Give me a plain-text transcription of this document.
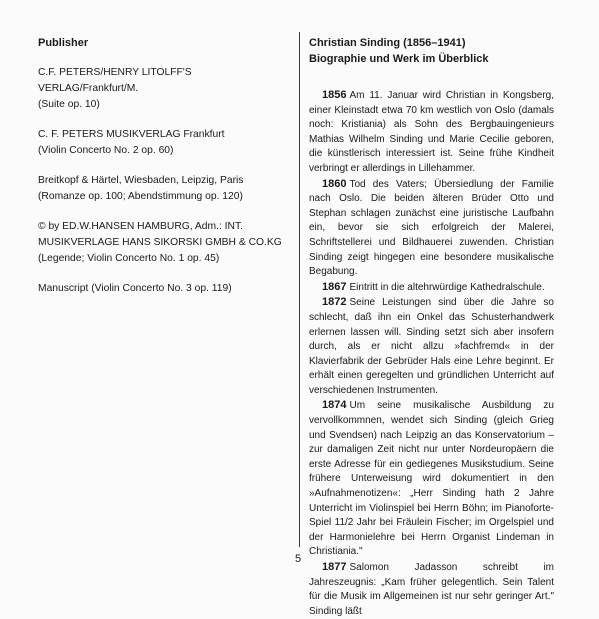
Publisher

C.F. PETERS/HENRY LITOLFF'S VERLAG/Frankfurt/M.

(Suite op. 10)

C. F. PETERS MUSIKVERLAG Frankfurt

(Violin Concerto No. 2 op. 60)

Breitkopf & Härtel, Wiesbaden, Leipzig, Paris

(Romanze op. 100; Abendstimmung op. 120)

© by ED.W.HANSEN HAMBURG, Adm.: INT.

MUSIKVERLAGE HANS SIKORSKI GMBH & CO.KG

(Legende; Violin Concerto No. 1 op. 45)

Manuscript (Violin Concerto No. 3 op. 119)

Christian Sinding (1856–1941)
Biographie und Werk im Überblick

1856 Am 11. Januar wird Christian in Kongsberg, einer Kleinstadt etwa 70 km westlich von Oslo (damals noch: Kristiania) als Sohn des Bergbauingenieurs Mathias Wilhelm Sinding und Marie Cecilie geboren, die künstlerisch interessiert ist. Seine frühe Kindheit verbringt er allerdings in Lillehammer.

1860 Tod des Vaters; Übersiedlung der Familie nach Oslo. Die beiden älteren Brüder Otto und Stephan schlagen zunächst eine juristische Laufbahn ein, bevor sie sich erfolgreich der Malerei, Schriftstellerei und Bildhauerei zuwenden. Christian Sinding zeigt hingegen eine besondere musikalische Begabung.

1867 Eintritt in die altehrwürdige Kathedralschule.

1872 Seine Leistungen sind über die Jahre so schlecht, daß ihn ein Onkel das Schusterhandwerk erlernen lassen will. Sinding setzt sich aber insofern durch, als er nicht allzu »fachfremd« in der Klavierfabrik der Gebrüder Hals eine Lehre beginnt. Er erhält einen geregelten und gründlichen Unterricht auf verschiedenen Instrumenten.

1874 Um seine musikalische Ausbildung zu vervollkommnen, wendet sich Sinding (gleich Grieg und Svendsen) nach Leipzig an das Konservatorium – zur damaligen Zeit nicht nur unter Nordeuropäern die erste Adresse für ein gediegenes Musikstudium. Seine frühere Unterweisung wird dokumentiert in den »Aufnahmenotizen«: „Herr Sinding hath 2 Jahre Unterricht im Violinspiel bei Herrn Böhn; im Pianoforte-Spiel 11/2 Jahr bei Fräulein Fischer; im Orgelspiel und der Harmonielehre bei Herrn Organist Lindeman in Christiania."

1877 Salomon Jadasson schreibt im Jahreszeugnis: „Kam früher gelegentlich. Sein Talent für die Musik im Allgemeinen ist nur sehr geringer Art." Sinding läßt

5
